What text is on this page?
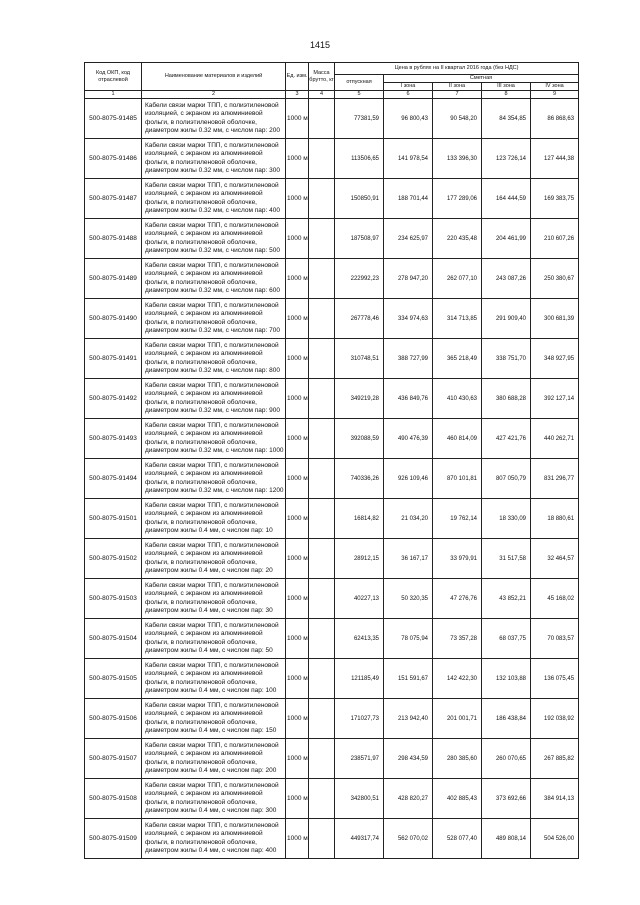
1415
Код ОКП, код отраслевой	Наименование материалов и изделий	Ед. изм.	Масса брутто, кг	Цена в рублях на II квартал 2016 года (без НДС)				
				отпускная	Сметная			
					I зона	II зона	III зона	IV зона
1	2	3	4	5	6	7	8	9
500-8075-91485	Кабели связи марки ТПП, с полиэтиленовой изоляцией, с экраном из алюминиевой фольги, в полиэтиленовой оболочке, диаметром жилы 0.32 мм, с числом пар: 200	1000 м		77381,59	96 800,43	90 548,20	84 354,85	86 868,63
500-8075-91486	Кабели связи марки ТПП, с полиэтиленовой изоляцией, с экраном из алюминиевой фольги, в полиэтиленовой оболочке, диаметром жилы 0.32 мм, с числом пар: 300	1000 м		113506,65	141 978,54	133 396,30	123 726,14	127 444,38
500-8075-91487	Кабели связи марки ТПП, с полиэтиленовой изоляцией, с экраном из алюминиевой фольги, в полиэтиленовой оболочке, диаметром жилы 0.32 мм, с числом пар: 400	1000 м		150850,91	188 701,44	177 289,06	164 444,59	169 383,75
500-8075-91488	Кабели связи марки ТПП, с полиэтиленовой изоляцией, с экраном из алюминиевой фольги, в полиэтиленовой оболочке, диаметром жилы 0.32 мм, с числом пар: 500	1000 м		187508,97	234 625,97	220 435,48	204 461,99	210 607,26
500-8075-91489	Кабели связи марки ТПП, с полиэтиленовой изоляцией, с экраном из алюминиевой фольги, в полиэтиленовой оболочке, диаметром жилы 0.32 мм, с числом пар: 600	1000 м		222992,23	278 947,20	262 077,10	243 087,26	250 380,67
500-8075-91490	Кабели связи марки ТПП, с полиэтиленовой изоляцией, с экраном из алюминиевой фольги, в полиэтиленовой оболочке, диаметром жилы 0.32 мм, с числом пар: 700	1000 м		267778,46	334 974,63	314 713,85	291 909,40	300 681,39
500-8075-91491	Кабели связи марки ТПП, с полиэтиленовой изоляцией, с экраном из алюминиевой фольги, в полиэтиленовой оболочке, диаметром жилы 0.32 мм, с числом пар: 800	1000 м		310748,51	388 727,99	365 218,49	338 751,70	348 927,95
500-8075-91492	Кабели связи марки ТПП, с полиэтиленовой изоляцией, с экраном из алюминиевой фольги, в полиэтиленовой оболочке, диаметром жилы 0.32 мм, с числом пар: 900	1000 м		349219,28	436 849,76	410 430,63	380 688,28	392 127,14
500-8075-91493	Кабели связи марки ТПП, с полиэтиленовой изоляцией, с экраном из алюминиевой фольги, в полиэтиленовой оболочке, диаметром жилы 0.32 мм, с числом пар: 1000	1000 м		392088,59	490 476,39	460 814,09	427 421,76	440 262,71
500-8075-91494	Кабели связи марки ТПП, с полиэтиленовой изоляцией, с экраном из алюминиевой фольги, в полиэтиленовой оболочке, диаметром жилы 0.32 мм, с числом пар: 1200	1000 м		740336,26	926 109,46	870 101,81	807 050,79	831 296,77
500-8075-91501	Кабели связи марки ТПП, с полиэтиленовой изоляцией, с экраном из алюминиевой фольги, в полиэтиленовой оболочке, диаметром жилы 0.4 мм, с числом пар: 10	1000 м		16814,82	21 034,20	19 762,14	18 330,09	18 880,61
500-8075-91502	Кабели связи марки ТПП, с полиэтиленовой изоляцией, с экраном из алюминиевой фольги, в полиэтиленовой оболочке, диаметром жилы 0.4 мм, с числом пар: 20	1000 м		28912,15	36 167,17	33 979,91	31 517,58	32 464,57
500-8075-91503	Кабели связи марки ТПП, с полиэтиленовой изоляцией, с экраном из алюминиевой фольги, в полиэтиленовой оболочке, диаметром жилы 0.4 мм, с числом пар: 30	1000 м		40227,13	50 320,35	47 276,76	43 852,21	45 168,02
500-8075-91504	Кабели связи марки ТПП, с полиэтиленовой изоляцией, с экраном из алюминиевой фольги, в полиэтиленовой оболочке, диаметром жилы 0.4 мм, с числом пар: 50	1000 м		62413,35	78 075,94	73 357,28	68 037,75	70 083,57
500-8075-91505	Кабели связи марки ТПП, с полиэтиленовой изоляцией, с экраном из алюминиевой фольги, в полиэтиленовой оболочке, диаметром жилы 0.4 мм, с числом пар: 100	1000 м		121185,49	151 591,67	142 422,30	132 103,88	136 075,45
500-8075-91506	Кабели связи марки ТПП, с полиэтиленовой изоляцией, с экраном из алюминиевой фольги, в полиэтиленовой оболочке, диаметром жилы 0.4 мм, с числом пар: 150	1000 м		171027,73	213 942,40	201 001,71	186 438,84	192 038,92
500-8075-91507	Кабели связи марки ТПП, с полиэтиленовой изоляцией, с экраном из алюминиевой фольги, в полиэтиленовой оболочке, диаметром жилы 0.4 мм, с числом пар: 200	1000 м		238571,97	298 434,59	280 385,60	260 070,65	267 885,82
500-8075-91508	Кабели связи марки ТПП, с полиэтиленовой изоляцией, с экраном из алюминиевой фольги, в полиэтиленовой оболочке, диаметром жилы 0.4 мм, с числом пар: 300	1000 м		342800,51	428 820,27	402 885,43	373 692,66	384 914,13
500-8075-91509	Кабели связи марки ТПП, с полиэтиленовой изоляцией, с экраном из алюминиевой фольги, в полиэтиленовой оболочке, диаметром жилы 0.4 мм, с числом пар: 400	1000 м		449317,74	562 070,02	528 077,40	489 808,14	504 526,00
